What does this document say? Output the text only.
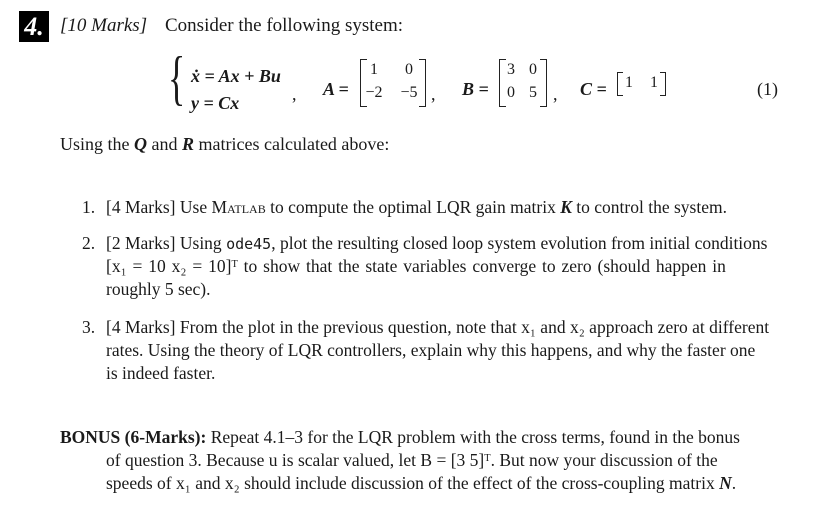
4. [10 Marks] Consider the following system:
{ ẋ = Ax + Bu
y = Cx	, A =
1	0
−2 −5 , B =
3 0
0 5 , C =	1	1	(1)
Using the Q and R matrices calculated above:
1. [4 Marks] Use Matlab to compute the optimal LQR gain matrix K to control the system.
2. [2 Marks] Using ode45, plot the resulting closed loop system evolution from initial conditions
[x₁ = 10 x₂ = 10]ᵀ to show that the state variables converge to zero (should happen in
roughly 5 sec).
3. [4 Marks] From the plot in the previous question, note that x₁ and x₂ approach zero at different
rates. Using the theory of LQR controllers, explain why this happens, and why the faster one
is indeed faster.
BONUS (6-Marks): Repeat 4.1–3 for the LQR problem with the cross terms, found in the bonus
of question 3. Because u is scalar valued, let B = [3 5]ᵀ. But now your discussion of the
speeds of x₁ and x₂ should include discussion of the effect of the cross-coupling matrix N.
